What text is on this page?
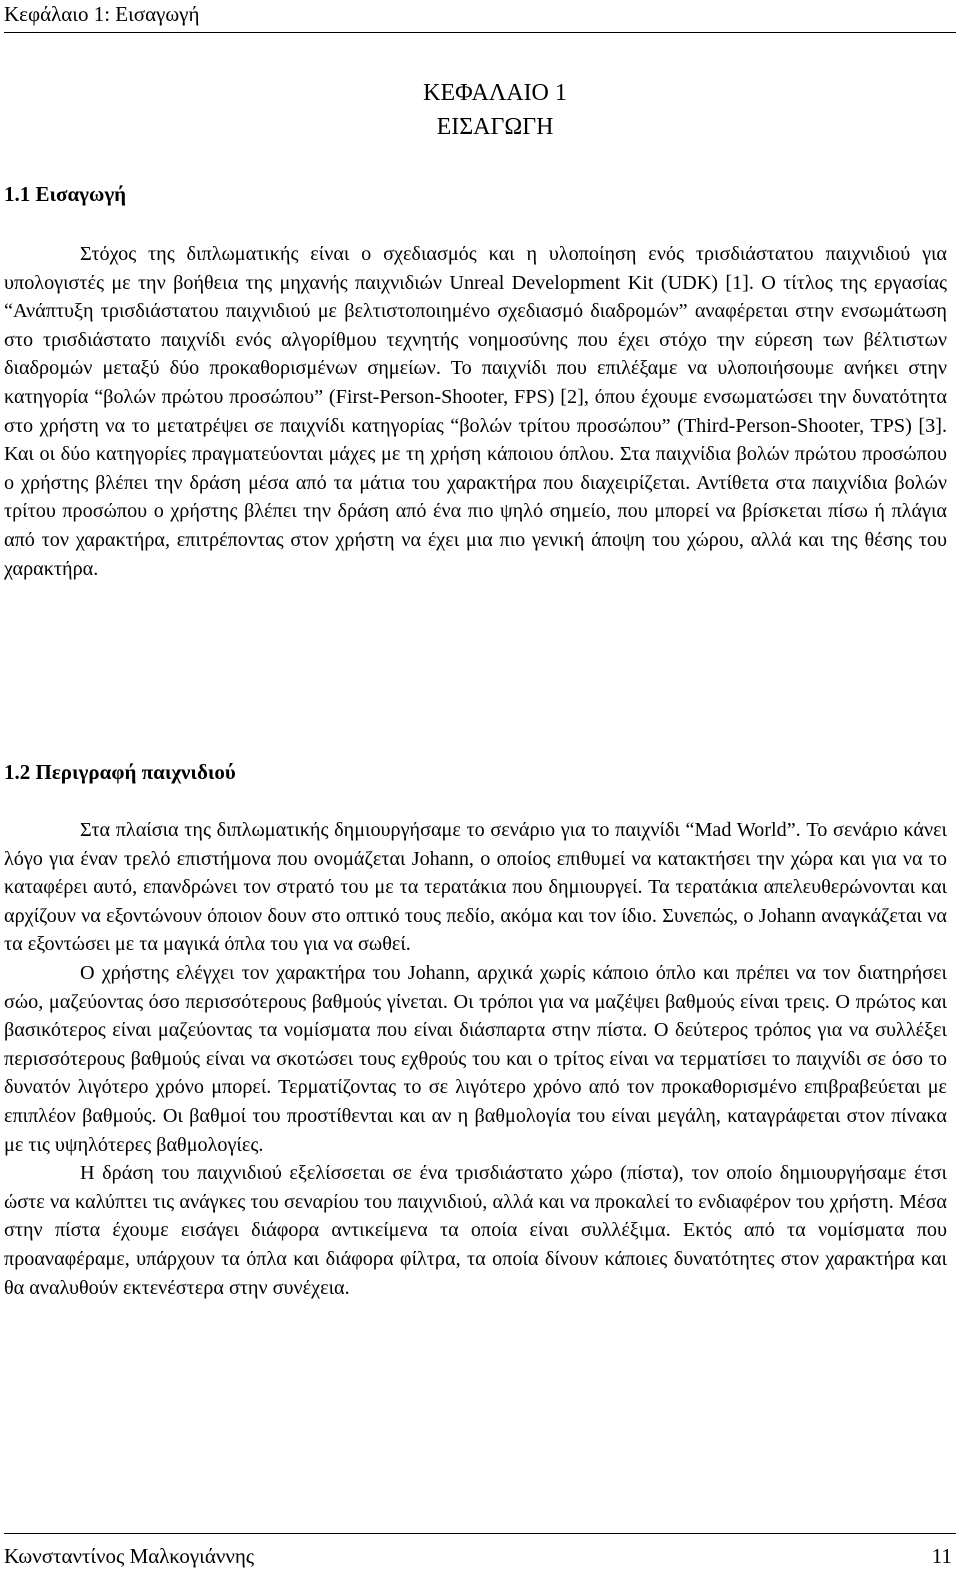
Κεφάλαιο 1: Εισαγωγή
ΚΕΦΑΛΑΙΟ 1
ΕΙΣΑΓΩΓΗ
1.1 Εισαγωγή

Στόχος της διπλωματικής είναι ο σχεδιασμός και η υλοποίηση ενός τρισδιάστατου παιχνιδιού για υπολογιστές με την βοήθεια της μηχανής παιχνιδιών Unreal Development Kit (UDK) [1]. Ο τίτλος της εργασίας “Ανάπτυξη τρισδιάστατου παιχνιδιού με βελτιστοποιημένο σχεδιασμό διαδρομών” αναφέρεται στην ενσωμάτωση στο τρισδιάστατο παιχνίδι ενός αλγορίθμου τεχνητής νοημοσύνης που έχει στόχο την εύρεση των βέλτιστων διαδρομών μεταξύ δύο προκαθορισμένων σημείων. Το παιχνίδι που επιλέξαμε να υλοποιήσουμε ανήκει στην κατηγορία “βολών πρώτου προσώπου” (First-Person-Shooter, FPS) [2], όπου έχουμε ενσωματώσει την δυνατότητα στο χρήστη να το μετατρέψει σε παιχνίδι κατηγορίας “βολών τρίτου προσώπου” (Third-Person-Shooter, TPS) [3]. Και οι δύο κατηγορίες πραγματεύονται μάχες με τη χρήση κάποιου όπλου. Στα παιχνίδια βολών πρώτου προσώπου ο χρήστης βλέπει την δράση μέσα από τα μάτια του χαρακτήρα που διαχειρίζεται. Αντίθετα στα παιχνίδια βολών τρίτου προσώπου ο χρήστης βλέπει την δράση από ένα πιο ψηλό σημείο, που μπορεί να βρίσκεται πίσω ή πλάγια από τον χαρακτήρα, επιτρέποντας στον χρήστη να έχει μια πιο γενική άποψη του χώρου, αλλά και της θέσης του χαρακτήρα.

1.2 Περιγραφή παιχνιδιού

Στα πλαίσια της διπλωματικής δημιουργήσαμε το σενάριο για το παιχνίδι “Mad World”. Το σενάριο κάνει λόγο για έναν τρελό επιστήμονα που ονομάζεται Johann, ο οποίος επιθυμεί να κατακτήσει την χώρα και για να το καταφέρει αυτό, επανδρώνει τον στρατό του με τα τερατάκια που δημιουργεί. Τα τερατάκια απελευθερώνονται και αρχίζουν να εξοντώνουν όποιον δουν στο οπτικό τους πεδίο, ακόμα και τον ίδιο. Συνεπώς, ο Johann αναγκάζεται να τα εξοντώσει με τα μαγικά όπλα του για να σωθεί.

Ο χρήστης ελέγχει τον χαρακτήρα του Johann, αρχικά χωρίς κάποιο όπλο και πρέπει να τον διατηρήσει σώο, μαζεύοντας όσο περισσότερους βαθμούς γίνεται. Οι τρόποι για να μαζέψει βαθμούς είναι τρεις. Ο πρώτος και βασικότερος είναι μαζεύοντας τα νομίσματα που είναι διάσπαρτα στην πίστα. Ο δεύτερος τρόπος για να συλλέξει περισσότερους βαθμούς είναι να σκοτώσει τους εχθρούς του και ο τρίτος είναι να τερματίσει το παιχνίδι σε όσο το δυνατόν λιγότερο χρόνο μπορεί. Τερματίζοντας το σε λιγότερο χρόνο από τον προκαθορισμένο επιβραβεύεται με επιπλέον βαθμούς. Οι βαθμοί του προστίθενται και αν η βαθμολογία του είναι μεγάλη, καταγράφεται στον πίνακα με τις υψηλότερες βαθμολογίες.

Η δράση του παιχνιδιού εξελίσσεται σε ένα τρισδιάστατο χώρο (πίστα), τον οποίο δημιουργήσαμε έτσι ώστε να καλύπτει τις ανάγκες του σεναρίου του παιχνιδιού, αλλά και να προκαλεί το ενδιαφέρον του χρήστη. Μέσα στην πίστα έχουμε εισάγει διάφορα αντικείμενα τα οποία είναι συλλέξιμα. Εκτός από τα νομίσματα που προαναφέραμε, υπάρχουν τα όπλα και διάφορα φίλτρα, τα οποία δίνουν κάποιες δυνατότητες στον χαρακτήρα και θα αναλυθούν εκτενέστερα στην συνέχεια.

Κωνσταντίνος Μαλκογιάννης	11
